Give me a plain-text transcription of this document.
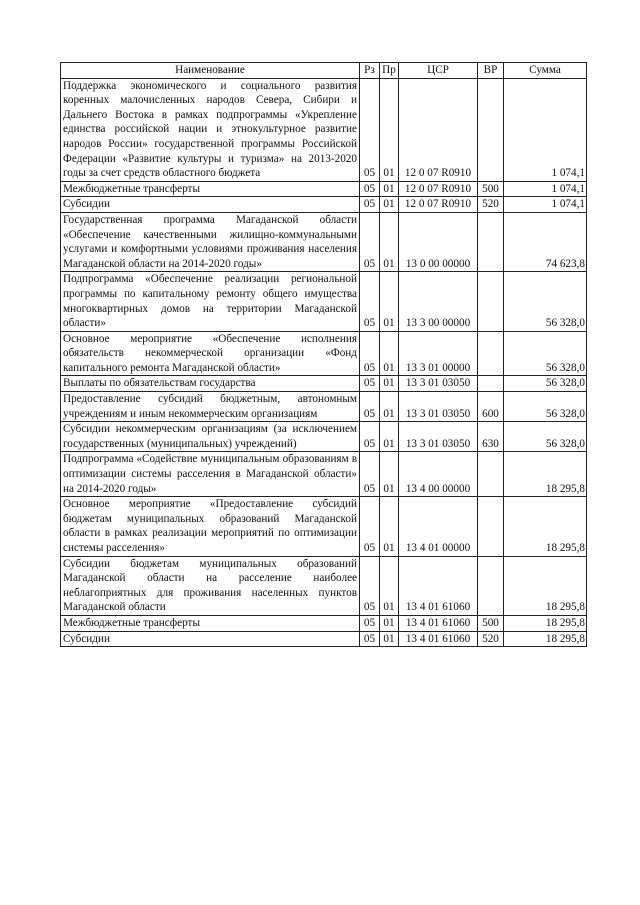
Наименование	Рз	Пр	ЦСР	ВР	Сумма
Поддержка экономического и социального развития коренных малочисленных народов Севера, Сибири и Дальнего Востока в рамках подпрограммы «Укрепление единства российской нации и этнокультурное развитие народов России» государственной программы Российской Федерации «Развитие культуры и туризма» на 2013-2020 годы за счет средств областного бюджета	05	01	12 0 07 R0910		1 074,1
Межбюджетные трансферты	05	01	12 0 07 R0910	500	1 074,1
Субсидии	05	01	12 0 07 R0910	520	1 074,1
Государственная программа Магаданской области «Обеспечение качественными жилищно-коммунальными услугами и комфортными условиями проживания населения Магаданской области на 2014-2020 годы»	05	01	13 0 00 00000		74 623,8
Подпрограмма «Обеспечение реализации региональной программы по капитальному ремонту общего имущества многоквартирных домов на территории Магаданской области»	05	01	13 3 00 00000		56 328,0
Основное мероприятие «Обеспечение исполнения обязательств некоммерческой организации «Фонд капитального ремонта Магаданской области»	05	01	13 3 01 00000		56 328,0
Выплаты по обязательствам государства	05	01	13 3 01 03050		56 328,0
Предоставление субсидий бюджетным, автономным учреждениям и иным некоммерческим организациям	05	01	13 3 01 03050	600	56 328,0
Субсидии некоммерческим организациям (за исключением государственных (муниципальных) учреждений)	05	01	13 3 01 03050	630	56 328,0
Подпрограмма «Содействие муниципальным образованиям в оптимизации системы расселения в Магаданской области» на 2014-2020 годы»	05	01	13 4 00 00000		18 295,8
Основное мероприятие «Предоставление субсидий бюджетам муниципальных образований Магаданской области в рамках реализации мероприятий по оптимизации системы расселения»	05	01	13 4 01 00000		18 295,8
Субсидии бюджетам муниципальных образований Магаданской области на расселение наиболее неблагоприятных для проживания населенных пунктов Магаданской области	05	01	13 4 01 61060		18 295,8
Межбюджетные трансферты	05	01	13 4 01 61060	500	18 295,8
Субсидии	05	01	13 4 01 61060	520	18 295,8
